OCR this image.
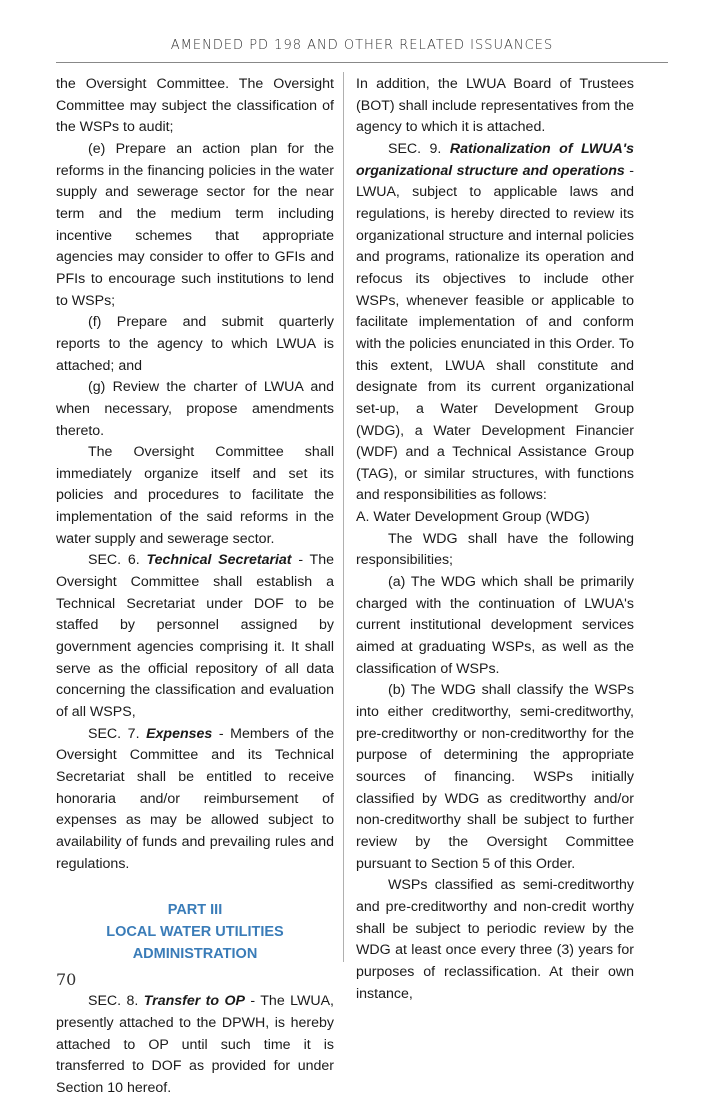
AMENDED PD 198 AND OTHER RELATED ISSUANCES

the Oversight Committee. The Oversight Committee may subject the classification of the WSPs to audit;

(e) Prepare an action plan for the reforms in the financing policies in the water supply and sewerage sector for the near term and the medium term including incentive schemes that appropriate agencies may consider to offer to GFIs and PFIs to encourage such institutions to lend to WSPs;

(f) Prepare and submit quarterly reports to the agency to which LWUA is attached; and

(g) Review the charter of LWUA and when necessary, propose amendments thereto.

The Oversight Committee shall immediately organize itself and set its policies and procedures to facilitate the implementation of the said reforms in the water supply and sewerage sector.

SEC. 6. Technical Secretariat - The Oversight Committee shall establish a Technical Secretariat under DOF to be staffed by personnel assigned by government agencies comprising it. It shall serve as the official repository of all data concerning the classification and evaluation of all WSPS,

SEC. 7. Expenses - Members of the Oversight Committee and its Technical Secretariat shall be entitled to receive honoraria and/or reimbursement of expenses as may be allowed subject to availability of funds and prevailing rules and regulations.

PART III
LOCAL WATER UTILITIES
ADMINISTRATION

SEC. 8. Transfer to OP - The LWUA, presently attached to the DPWH, is hereby attached to OP until such time it is transferred to DOF as provided for under Section 10 hereof.

In addition, the LWUA Board of Trustees (BOT) shall include representatives from the agency to which it is attached.

SEC. 9. Rationalization of LWUA's organizational structure and operations - LWUA, subject to applicable laws and regulations, is hereby directed to review its organizational structure and internal policies and programs, rationalize its operation and refocus its objectives to include other WSPs, whenever feasible or applicable to facilitate implementation of and conform with the policies enunciated in this Order. To this extent, LWUA shall constitute and designate from its current organizational set-up, a Water Development Group (WDG), a Water Development Financier (WDF) and a Technical Assistance Group (TAG), or similar structures, with functions and responsibilities as follows:

A. Water Development Group (WDG)

The WDG shall have the following responsibilities;

(a) The WDG which shall be primarily charged with the continuation of LWUA's current institutional development services aimed at graduating WSPs, as well as the classification of WSPs.

(b) The WDG shall classify the WSPs into either creditworthy, semi-creditworthy, pre-creditworthy or non-creditworthy for the purpose of determining the appropriate sources of financing. WSPs initially classified by WDG as creditworthy and/or non-creditworthy shall be subject to further review by the Oversight Committee pursuant to Section 5 of this Order.

WSPs classified as semi-creditworthy and pre-creditworthy and non-credit worthy shall be subject to periodic review by the WDG at least once every three (3) years for purposes of reclassification. At their own instance,

70
